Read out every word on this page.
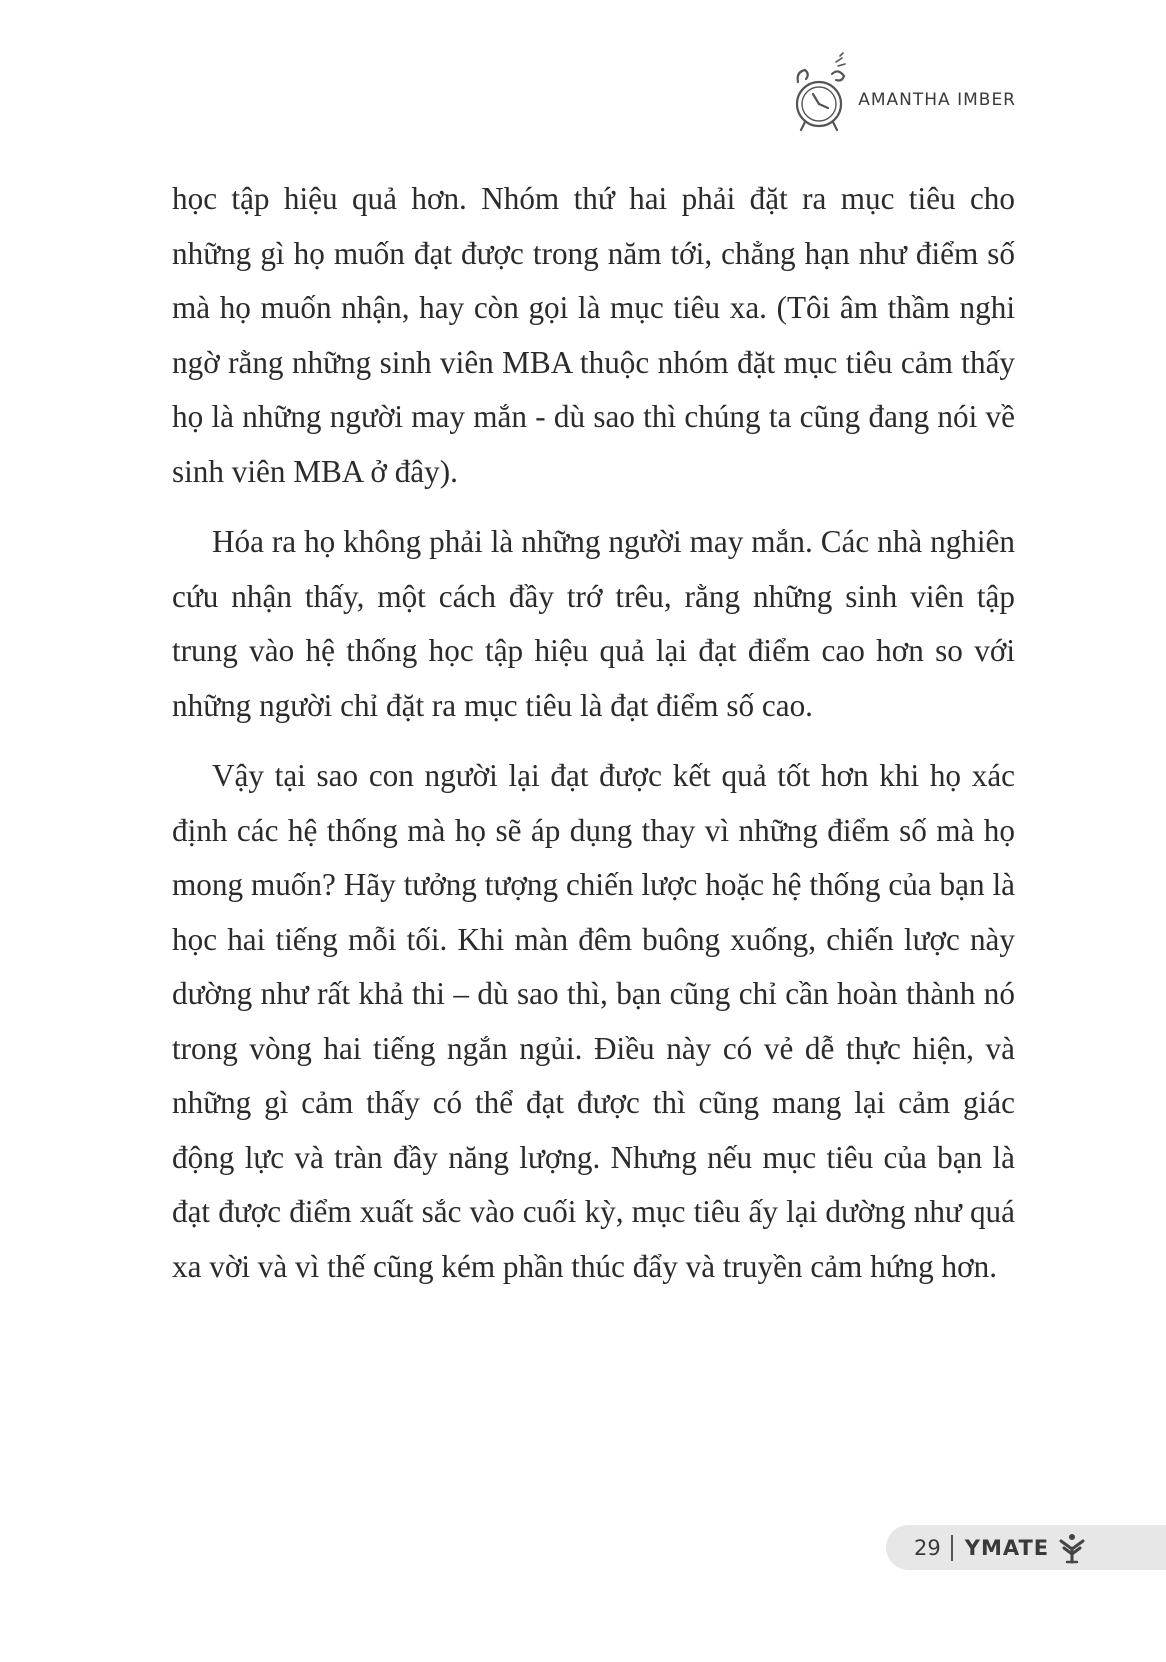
AMANTHA IMBER

học tập hiệu quả hơn. Nhóm thứ hai phải đặt ra mục tiêu cho những gì họ muốn đạt được trong năm tới, chẳng hạn như điểm số mà họ muốn nhận, hay còn gọi là mục tiêu xa. (Tôi âm thầm nghi ngờ rằng những sinh viên MBA thuộc nhóm đặt mục tiêu cảm thấy họ là những người may mắn - dù sao thì chúng ta cũng đang nói về sinh viên MBA ở đây).

Hóa ra họ không phải là những người may mắn. Các nhà nghiên cứu nhận thấy, một cách đầy trớ trêu, rằng những sinh viên tập trung vào hệ thống học tập hiệu quả lại đạt điểm cao hơn so với những người chỉ đặt ra mục tiêu là đạt điểm số cao.

Vậy tại sao con người lại đạt được kết quả tốt hơn khi họ xác định các hệ thống mà họ sẽ áp dụng thay vì những điểm số mà họ mong muốn? Hãy tưởng tượng chiến lược hoặc hệ thống của bạn là học hai tiếng mỗi tối. Khi màn đêm buông xuống, chiến lược này dường như rất khả thi – dù sao thì, bạn cũng chỉ cần hoàn thành nó trong vòng hai tiếng ngắn ngủi. Điều này có vẻ dễ thực hiện, và những gì cảm thấy có thể đạt được thì cũng mang lại cảm giác động lực và tràn đầy năng lượng. Nhưng nếu mục tiêu của bạn là đạt được điểm xuất sắc vào cuối kỳ, mục tiêu ấy lại dường như quá xa vời và vì thế cũng kém phần thúc đẩy và truyền cảm hứng hơn.

29 YMATE
